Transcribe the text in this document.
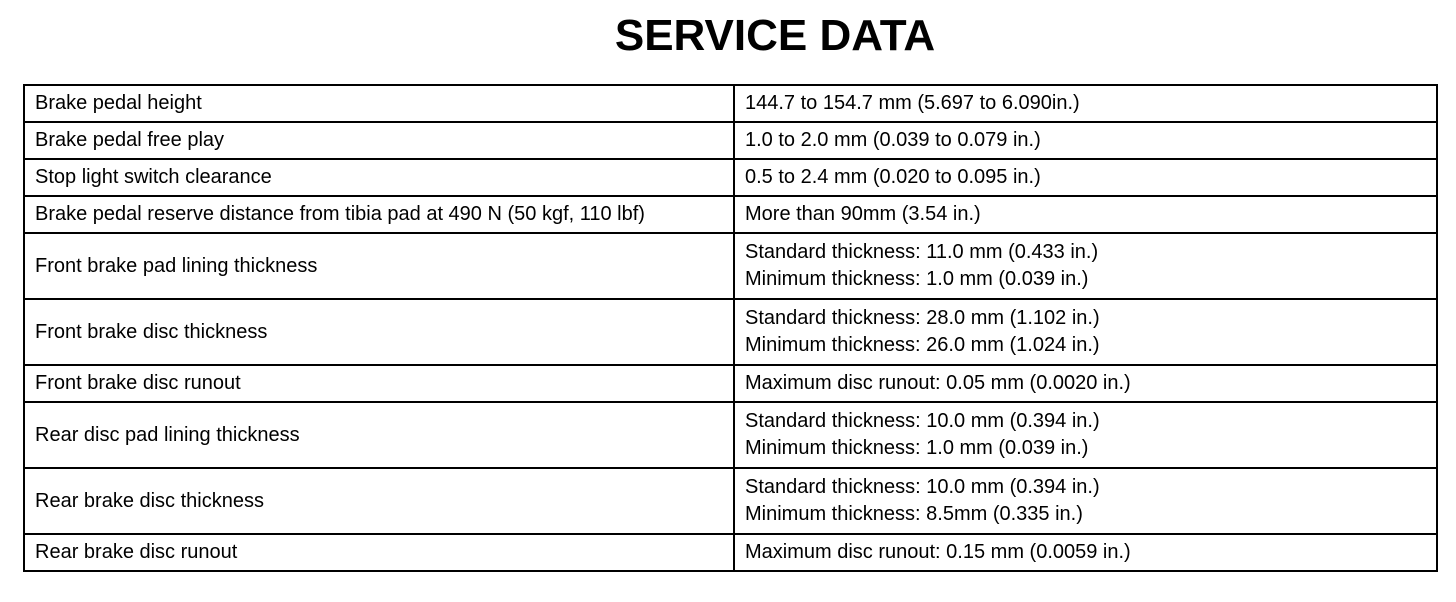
SERVICE DATA
Brake pedal height	144.7 to 154.7 mm (5.697 to 6.090in.)

Brake pedal free play	1.0 to 2.0 mm (0.039 to 0.079 in.)

Stop light switch clearance	0.5 to 2.4 mm (0.020 to 0.095 in.)

Brake pedal reserve distance from tibia pad at 490 N (50 kgf, 110 lbf)	More than 90mm (3.54 in.)

Front brake pad lining thickness	Standard thickness: 11.0 mm (0.433 in.)
Minimum thickness: 1.0 mm (0.039 in.)

Front brake disc thickness	Standard thickness: 28.0 mm (1.102 in.)
Minimum thickness: 26.0 mm (1.024 in.)

Front brake disc runout	Maximum disc runout: 0.05 mm (0.0020 in.)

Rear disc pad lining thickness	Standard thickness: 10.0 mm (0.394 in.)
Minimum thickness: 1.0 mm (0.039 in.)

Rear brake disc thickness	Standard thickness: 10.0 mm (0.394 in.)
Minimum thickness: 8.5mm (0.335 in.)

Rear brake disc runout	Maximum disc runout: 0.15 mm (0.0059 in.)
